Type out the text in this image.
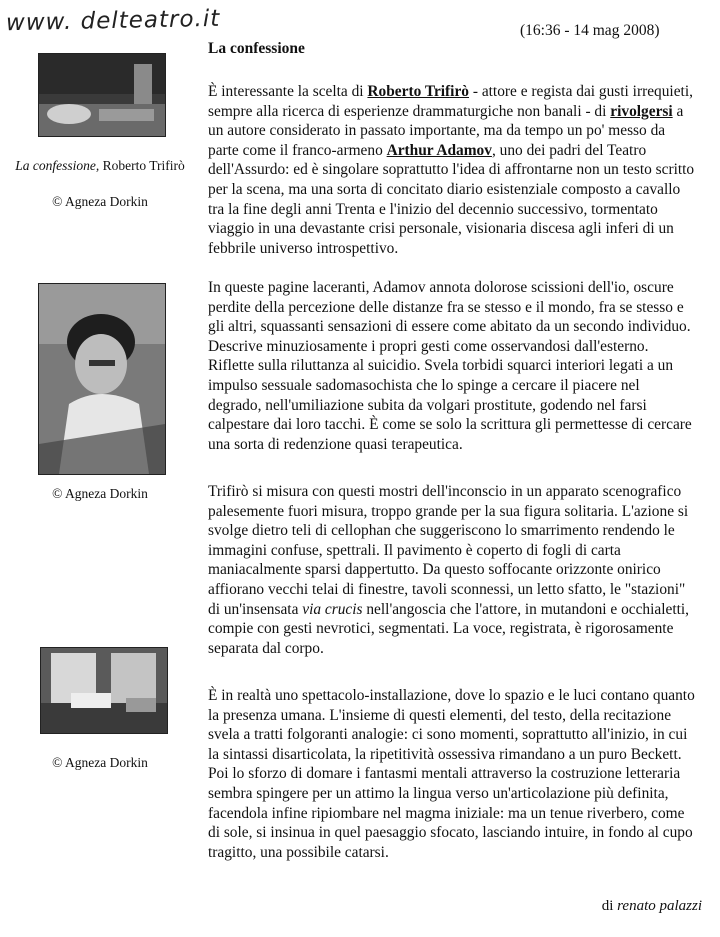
www. delteatro.it	(16:36 - 14 mag 2008)
La confessione
La confessione, Roberto Trifirò
© Agneza Dorkin
© Agneza Dorkin
© Agneza Dorkin

È interessante la scelta di Roberto Trifirò - attore e regista dai gusti irrequieti, sempre alla ricerca di esperienze drammaturgiche non banali - di rivolgersi a un autore considerato in passato importante, ma da tempo un po' messo da parte come il franco-armeno Arthur Adamov, uno dei padri del Teatro dell'Assurdo: ed è singolare soprattutto l'idea di affrontarne non un testo scritto per la scena, ma una sorta di concitato diario esistenziale composto a cavallo tra la fine degli anni Trenta e l'inizio del decennio successivo, tormentato viaggio in una devastante crisi personale, visionaria discesa agli inferi di un febbrile universo introspettivo.

In queste pagine laceranti, Adamov annota dolorose scissioni dell'io, oscure perdite della percezione delle distanze fra se stesso e il mondo, fra se stesso e gli altri, squassanti sensazioni di essere come abitato da un secondo individuo. Descrive minuziosamente i propri gesti come osservandosi dall'esterno. Riflette sulla riluttanza al suicidio. Svela torbidi squarci interiori legati a un impulso sessuale sadomasochista che lo spinge a cercare il piacere nel degrado, nell'umiliazione subita da volgari prostitute, godendo nel farsi calpestare dai loro tacchi. È come se solo la scrittura gli permettesse di cercare una sorta di redenzione quasi terapeutica.

Trifirò si misura con questi mostri dell'inconscio in un apparato scenografico palesemente fuori misura, troppo grande per la sua figura solitaria. L'azione si svolge dietro teli di cellophan che suggeriscono lo smarrimento rendendo le immagini confuse, spettrali. Il pavimento è coperto di fogli di carta maniacalmente sparsi dappertutto. Da questo soffocante orizzonte onirico affiorano vecchi telai di finestre, tavoli sconnessi, un letto sfatto, le "stazioni" di un'insensata via crucis nell'angoscia che l'attore, in mutandoni e occhialetti, compie con gesti nevrotici, segmentati. La voce, registrata, è rigorosamente separata dal corpo.

È in realtà uno spettacolo-installazione, dove lo spazio e le luci contano quanto la presenza umana. L'insieme di questi elementi, del testo, della recitazione svela a tratti folgoranti analogie: ci sono momenti, soprattutto all'inizio, in cui la sintassi disarticolata, la ripetitività ossessiva rimandano a un puro Beckett. Poi lo sforzo di domare i fantasmi mentali attraverso la costruzione letteraria sembra spingere per un attimo la lingua verso un'articolazione più definita, facendola infine ripiombare nel magma iniziale: ma un tenue riverbero, come di sole, si insinua in quel paesaggio sfocato, lasciando intuire, in fondo al cupo tragitto, una possibile catarsi.

di renato palazzi
